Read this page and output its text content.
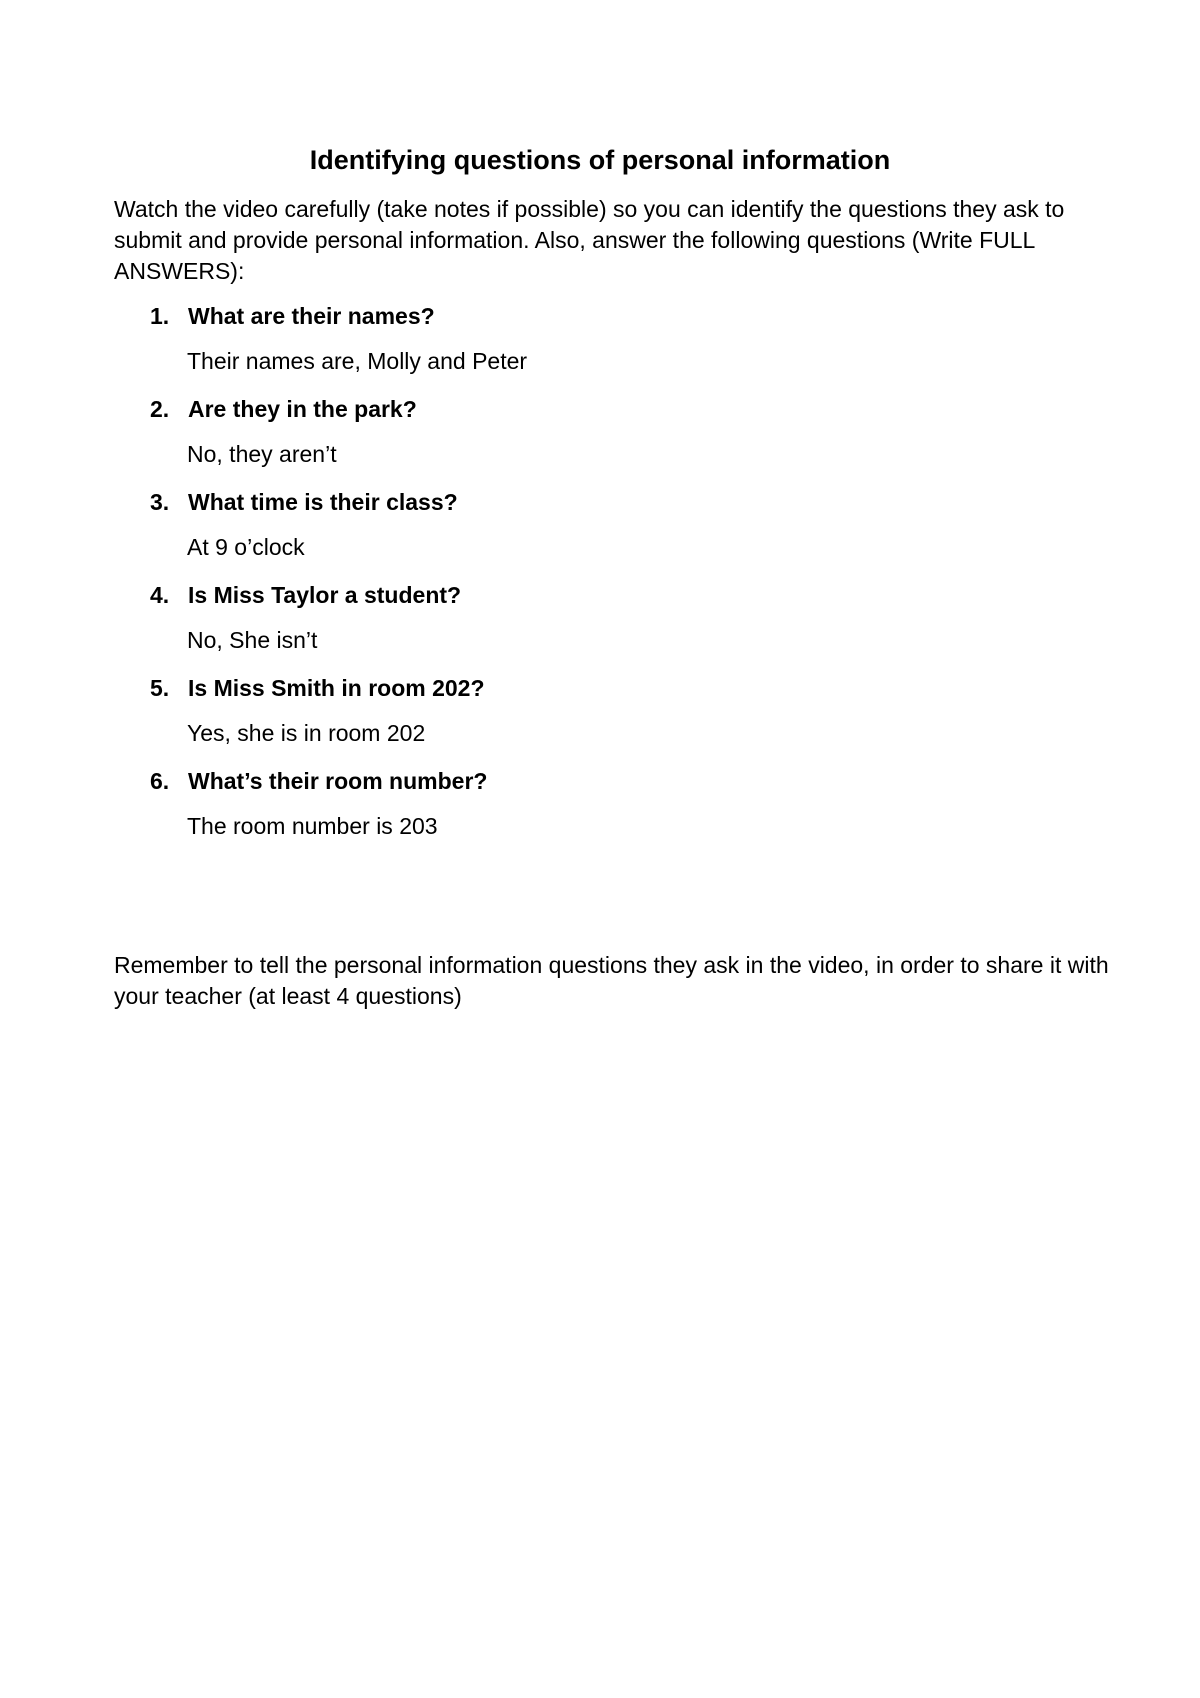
Identifying questions of personal information

Watch the video carefully (take notes if possible) so you can identify the questions they ask to submit and provide personal information. Also, answer the following questions (Write FULL ANSWERS):

1. What are their names?
Their names are, Molly and Peter
2. Are they in the park?
No, they aren’t
3. What time is their class?
At 9 o’clock
4. Is Miss Taylor a student?
No, She isn’t
5. Is Miss Smith in room 202?
Yes, she is in room 202
6. What’s their room number?
The room number is 203

Remember to tell the personal information questions they ask in the video, in order to share it with your teacher (at least 4 questions)
